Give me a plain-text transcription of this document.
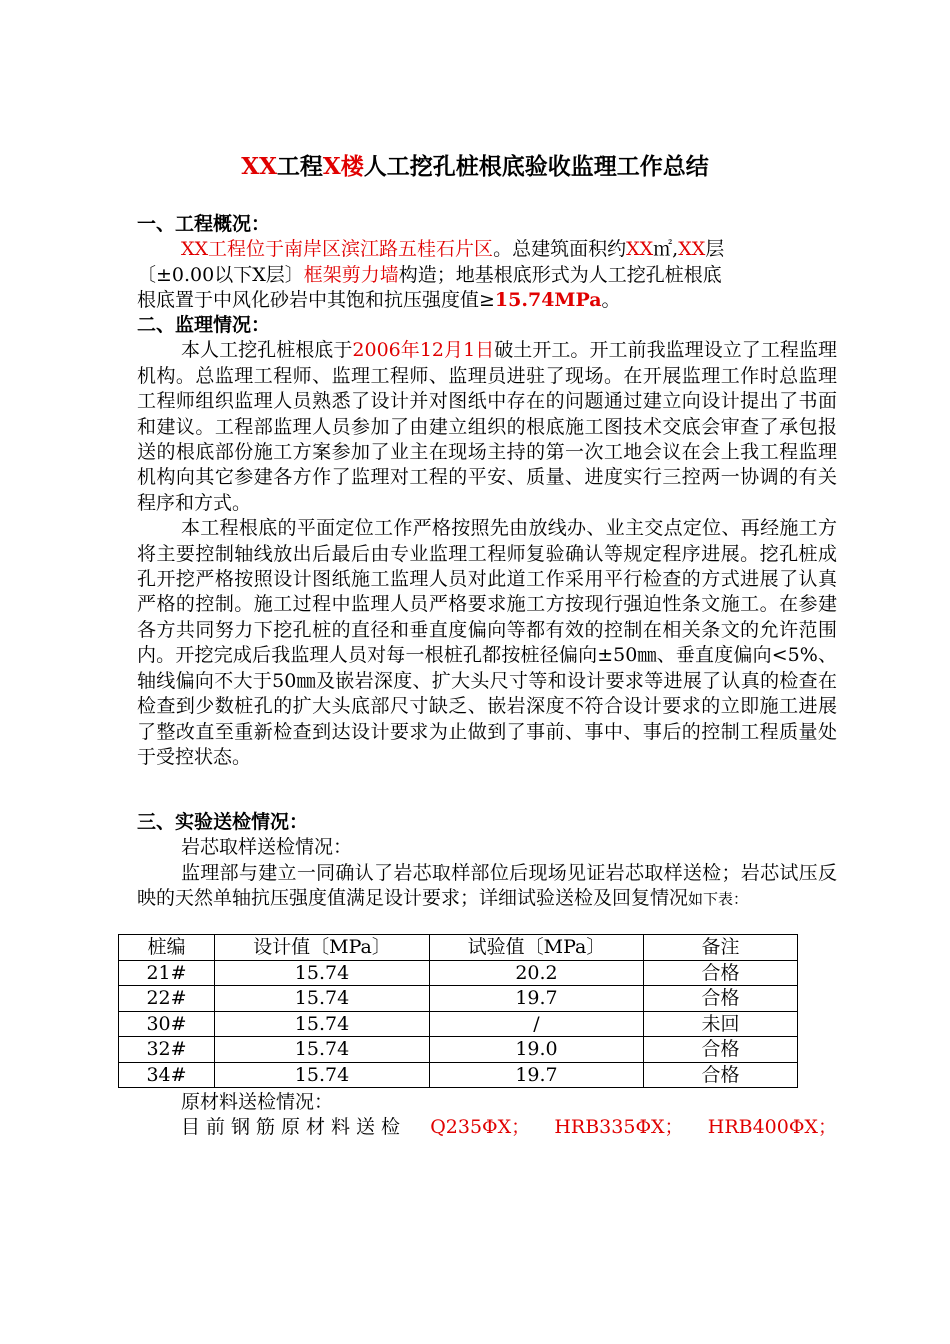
XX工程X楼人工挖孔桩根底验收监理工作总结
一、工程概况：
XX工程位于南岸区滨江路五桂石片区。总建筑面积约XX㎡,XX层
〔±0.00以下X层〕框架剪力墙构造；地基根底形式为人工挖孔桩根底
根底置于中风化砂岩中其饱和抗压强度值≥15.74MPa。
二、监理情况：

本人工挖孔桩根底于2006年12月1日破土开工。开工前我监理设立了工程监理机构。总监理工程师、监理工程师、监理员进驻了现场。在开展监理工作时总监理工程师组织监理人员熟悉了设计并对图纸中存在的问题通过建立向设计提出了书面和建议。工程部监理人员参加了由建立组织的根底施工图技术交底会审查了承包报送的根底部份施工方案参加了业主在现场主持的第一次工地会议在会上我工程监理机构向其它参建各方作了监理对工程的平安、质量、进度实行三控两一协调的有关程序和方式。

本工程根底的平面定位工作严格按照先由放线办、业主交点定位、再经施工方将主要控制轴线放出后最后由专业监理工程师复验确认等规定程序进展。挖孔桩成孔开挖严格按照设计图纸施工监理人员对此道工作采用平行检查的方式进展了认真严格的控制。施工过程中监理人员严格要求施工方按现行强迫性条文施工。在参建各方共同努力下挖孔桩的直径和垂直度偏向等都有效的控制在相关条文的允许范围内。开挖完成后我监理人员对每一根桩孔都按桩径偏向±50㎜、垂直度偏向<5%、轴线偏向不大于50㎜及嵌岩深度、扩大头尺寸等和设计要求等进展了认真的检查在检查到少数桩孔的扩大头底部尺寸缺乏、嵌岩深度不符合设计要求的立即施工进展了整改直至重新检查到达设计要求为止做到了事前、事中、事后的控制工程质量处于受控状态。

三、实验送检情况：
岩芯取样送检情况：

监理部与建立一同确认了岩芯取样部位后现场见证岩芯取样送检；岩芯试压反映的天然单轴抗压强度值满足设计要求；详细试验送检及回复情况如下表：

桩编	设计值〔MPa〕	试验值〔MPa〕	备注
21#	15.74	20.2	合格
22#	15.74	19.7	合格
30#	15.74	/	未回
32#	15.74	19.0	合格
34#	15.74	19.7	合格
原材料送检情况：
目前钢筋原材料送检 Q235ΦX； HRB335ΦX； HRB400ΦX；
